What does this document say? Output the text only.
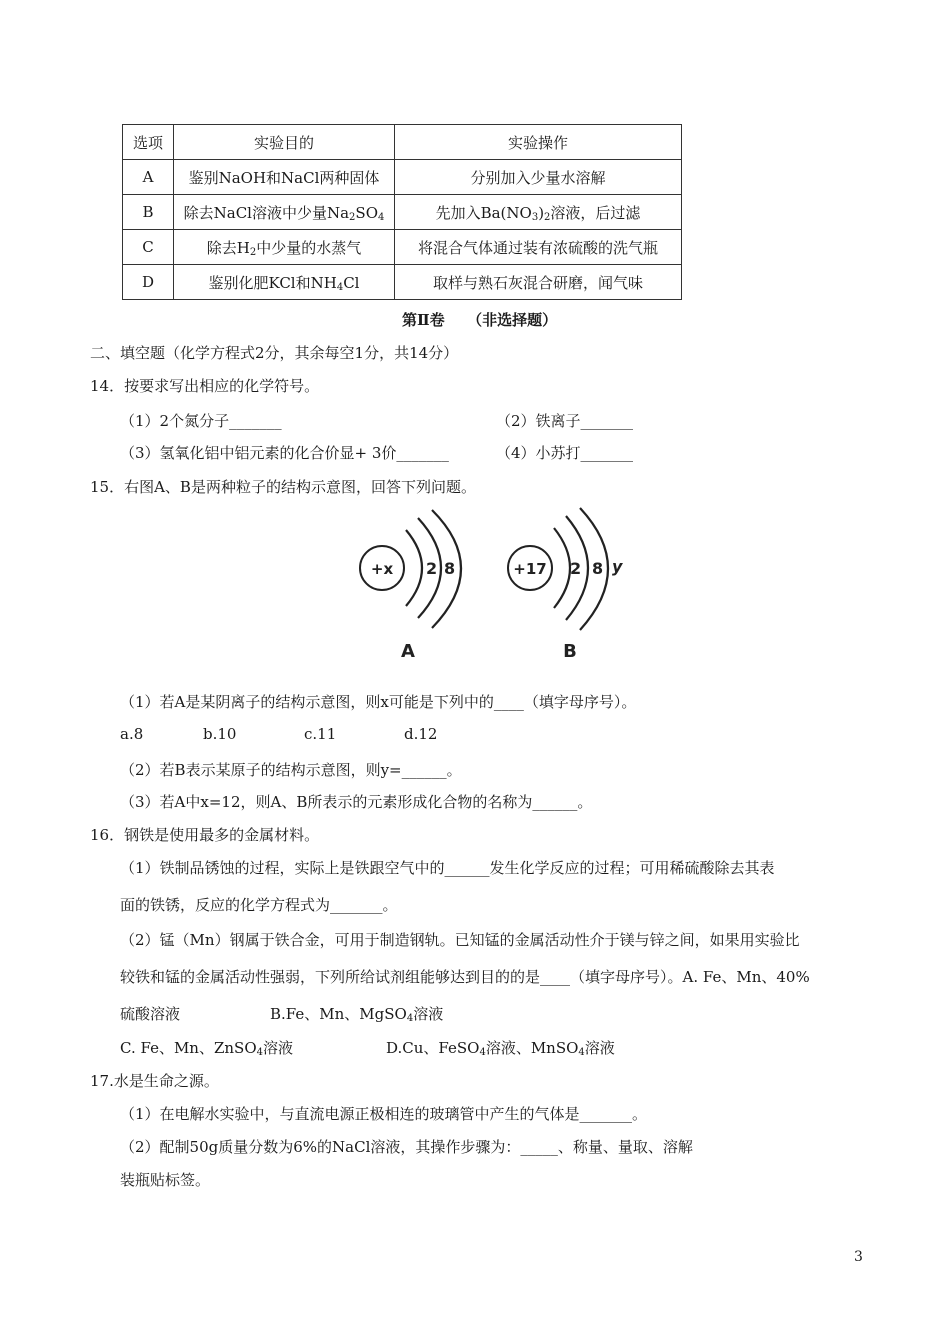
选项	实验目的	实验操作
A	鉴别NaOH和NaCl两种固体	分别加入少量水溶解
B	除去NaCl溶液中少量$Na_2SO_4$	先加入$Ba(NO_3)_2$溶液，后过滤
C	除去$H_2$中少量的水蒸气	将混合气体通过装有浓硫酸的洗气瓶
D	鉴别化肥KCl和$NH_4Cl$	取样与熟石灰混合研磨，闻气味
第Ⅱ卷　　（非选择题）
二、填空题（化学方程式2分，其余每空1分，共14分）
14．按要求写出相应的化学符号。
（1）2个氮分子_______	（2）铁离子_______
（3）氢氧化铝中铝元素的化合价显+ 3价_______	（4）小苏打_______
15．右图A、B是两种粒子的结构示意图，回答下列问题。
+x 2 8
A
+17 2 8 y
B
（1）若A是某阴离子的结构示意图，则x可能是下列中的____（填字母序号）。
a.8	b.10	c.11	d.12
（2）若B表示某原子的结构示意图，则y=______。
（3）若A中x=12，则A、B所表示的元素形成化合物的名称为______。
16．钢铁是使用最多的金属材料。
（1）铁制品锈蚀的过程，实际上是铁跟空气中的______发生化学反应的过程；可用稀硫酸除去其表
面的铁锈，反应的化学方程式为_______。
（2）锰（Mn）钢属于铁合金，可用于制造钢轨。已知锰的金属活动性介于镁与锌之间，如果用实验比
较铁和锰的金属活动性强弱，下列所给试剂组能够达到目的的是____（填字母序号）。A. Fe、Mn、40%
硫酸溶液	B.Fe、Mn、MgSO$_4$溶液
C. Fe、Mn、ZnSO$_4$溶液	D.Cu、FeSO$_4$溶液、MnSO$_4$溶液
17.水是生命之源。
（1）在电解水实验中，与直流电源正极相连的玻璃管中产生的气体是_______。
（2）配制50g质量分数为6%的NaCl溶液，其操作步骤为：_____、称量、量取、溶解
装瓶贴标签。
3
